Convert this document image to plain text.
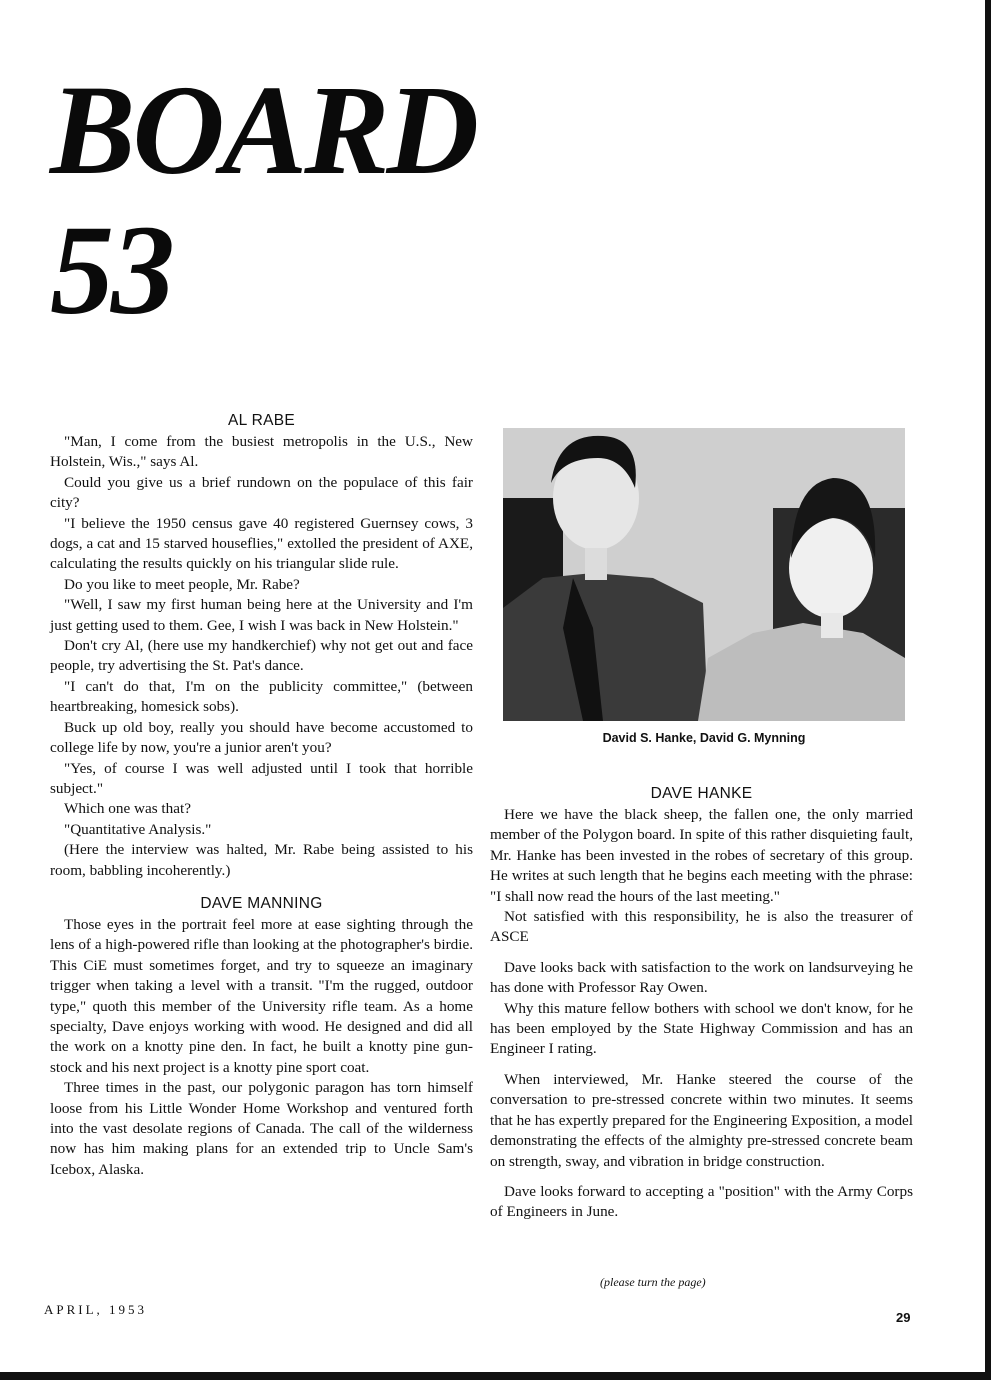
BOARD
53
AL RABE

"Man, I come from the busiest metropolis in the U.S., New Holstein, Wis.," says Al.

Could you give us a brief rundown on the populace of this fair city?

"I believe the 1950 census gave 40 registered Guernsey cows, 3 dogs, a cat and 15 starved houseflies," extolled the president of AXE, calculating the results quickly on his triangular slide rule.

Do you like to meet people, Mr. Rabe?

"Well, I saw my first human being here at the University and I'm just getting used to them. Gee, I wish I was back in New Holstein."

Don't cry Al, (here use my handkerchief) why not get out and face people, try advertising the St. Pat's dance.

"I can't do that, I'm on the publicity committee," (between heartbreaking, homesick sobs).

Buck up old boy, really you should have become accustomed to college life by now, you're a junior aren't you?

"Yes, of course I was well adjusted until I took that horrible subject."

Which one was that?

"Quantitative Analysis."

(Here the interview was halted, Mr. Rabe being assisted to his room, babbling incoherently.)

DAVE MANNING

Those eyes in the portrait feel more at ease sighting through the lens of a high-powered rifle than looking at the photographer's birdie. This CiE must sometimes forget, and try to squeeze an imaginary trigger when taking a level with a transit. "I'm the rugged, outdoor type," quoth this member of the University rifle team. As a home specialty, Dave enjoys working with wood. He designed and did all the work on a knotty pine den. In fact, he built a knotty pine gun-stock and his next project is a knotty pine sport coat.

Three times in the past, our polygonic paragon has torn himself loose from his Little Wonder Home Workshop and ventured forth into the vast desolate regions of Canada. The call of the wilderness now has him making plans for an extended trip to Uncle Sam's Icebox, Alaska.

David S. Hanke, David G. Mynning
DAVE HANKE

Here we have the black sheep, the fallen one, the only married member of the Polygon board. In spite of this rather disquieting fault, Mr. Hanke has been invested in the robes of secretary of this group. He writes at such length that he begins each meeting with the phrase: "I shall now read the hours of the last meeting."

Not satisfied with this responsibility, he is also the treasurer of ASCE

Dave looks back with satisfaction to the work on landsurveying he has done with Professor Ray Owen.

Why this mature fellow bothers with school we don't know, for he has been employed by the State Highway Commission and has an Engineer I rating.

When interviewed, Mr. Hanke steered the course of the conversation to pre-stressed concrete within two minutes. It seems that he has expertly prepared for the Engineering Exposition, a model demonstrating the effects of the almighty pre-stressed concrete beam on strength, sway, and vibration in bridge construction.

Dave looks forward to accepting a "position" with the Army Corps of Engineers in June.

(please turn the page)
APRIL, 1953
29
